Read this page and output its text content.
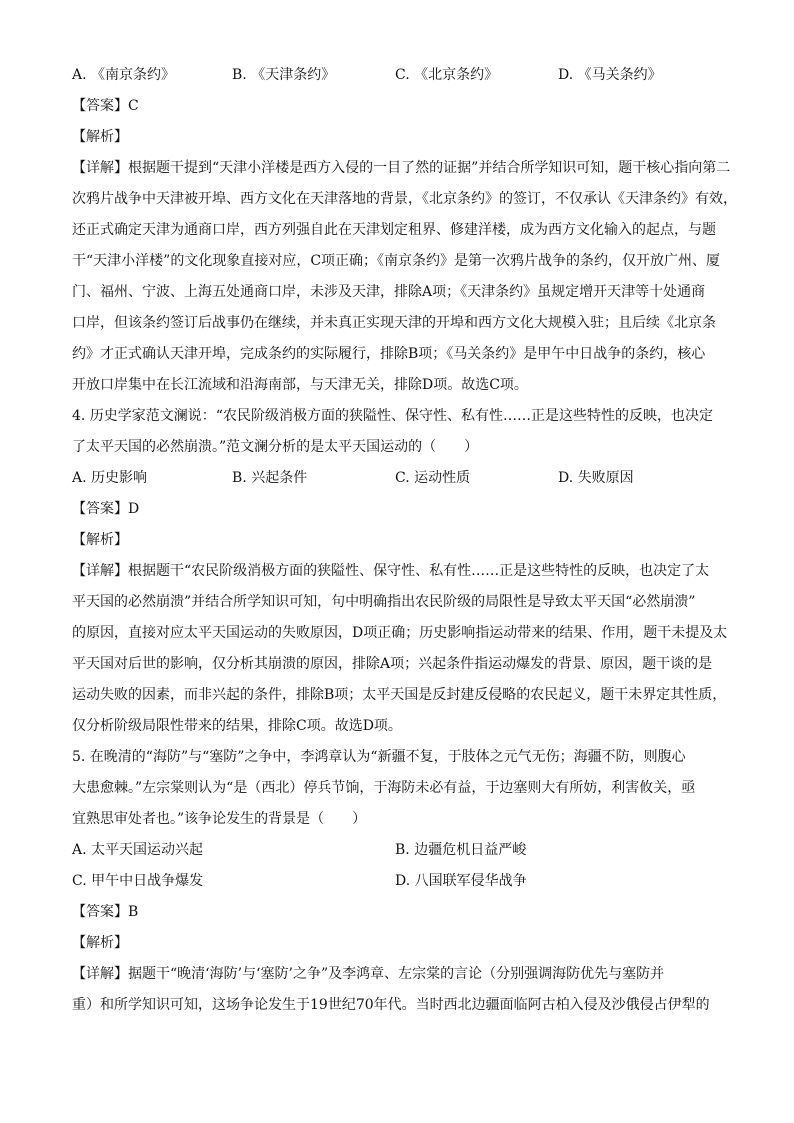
A. 《南京条约》	B. 《天津条约》	C. 《北京条约》	D. 《马关条约》
【答案】C
【解析】
【详解】根据题干提到“天津小洋楼是西方入侵的一目了然的证据”并结合所学知识可知，题干核心指向第二
次鸦片战争中天津被开埠、西方文化在天津落地的背景，《北京条约》的签订，不仅承认《天津条约》有效，
还正式确定天津为通商口岸，西方列强自此在天津划定租界、修建洋楼，成为西方文化输入的起点，与题
干“天津小洋楼”的文化现象直接对应，C项正确；《南京条约》是第一次鸦片战争的条约，仅开放广州、厦
门、福州、宁波、上海五处通商口岸，未涉及天津，排除A项；《天津条约》虽规定增开天津等十处通商
口岸，但该条约签订后战事仍在继续，并未真正实现天津的开埠和西方文化大规模入驻；且后续《北京条
约》才正式确认天津开埠，完成条约的实际履行，排除B项；《马关条约》是甲午中日战争的条约，核心
开放口岸集中在长江流域和沿海南部，与天津无关，排除D项。故选C项。
4. 历史学家范文澜说：“农民阶级消极方面的狭隘性、保守性、私有性……正是这些特性的反映，也决定
了太平天国的必然崩溃。”范文澜分析的是太平天国运动的（　　）
A. 历史影响	B. 兴起条件	C. 运动性质	D. 失败原因
【答案】D
【解析】
【详解】根据题干“农民阶级消极方面的狭隘性、保守性、私有性……正是这些特性的反映，也决定了太
平天国的必然崩溃”并结合所学知识可知，句中明确指出农民阶级的局限性是导致太平天国“必然崩溃”
的原因，直接对应太平天国运动的失败原因，D项正确；历史影响指运动带来的结果、作用，题干未提及太
平天国对后世的影响，仅分析其崩溃的原因，排除A项；兴起条件指运动爆发的背景、原因，题干谈的是
运动失败的因素，而非兴起的条件，排除B项；太平天国是反封建反侵略的农民起义，题干未界定其性质，
仅分析阶级局限性带来的结果，排除C项。故选D项。
5. 在晚清的“海防”与“塞防”之争中，李鸿章认为“新疆不复，于肢体之元气无伤；海疆不防，则腹心
大患愈棘。”左宗棠则认为“是（西北）停兵节饷，于海防未必有益，于边塞则大有所妨，利害攸关，亟
宜熟思审处者也。”该争论发生的背景是（　　）
A. 太平天国运动兴起	B. 边疆危机日益严峻
C. 甲午中日战争爆发	D. 八国联军侵华战争
【答案】B
【解析】
【详解】据题干“晚清‘海防’与‘塞防’之争”及李鸿章、左宗棠的言论（分别强调海防优先与塞防并
重）和所学知识可知，这场争论发生于19世纪70年代。当时西北边疆面临阿古柏入侵及沙俄侵占伊犁的
